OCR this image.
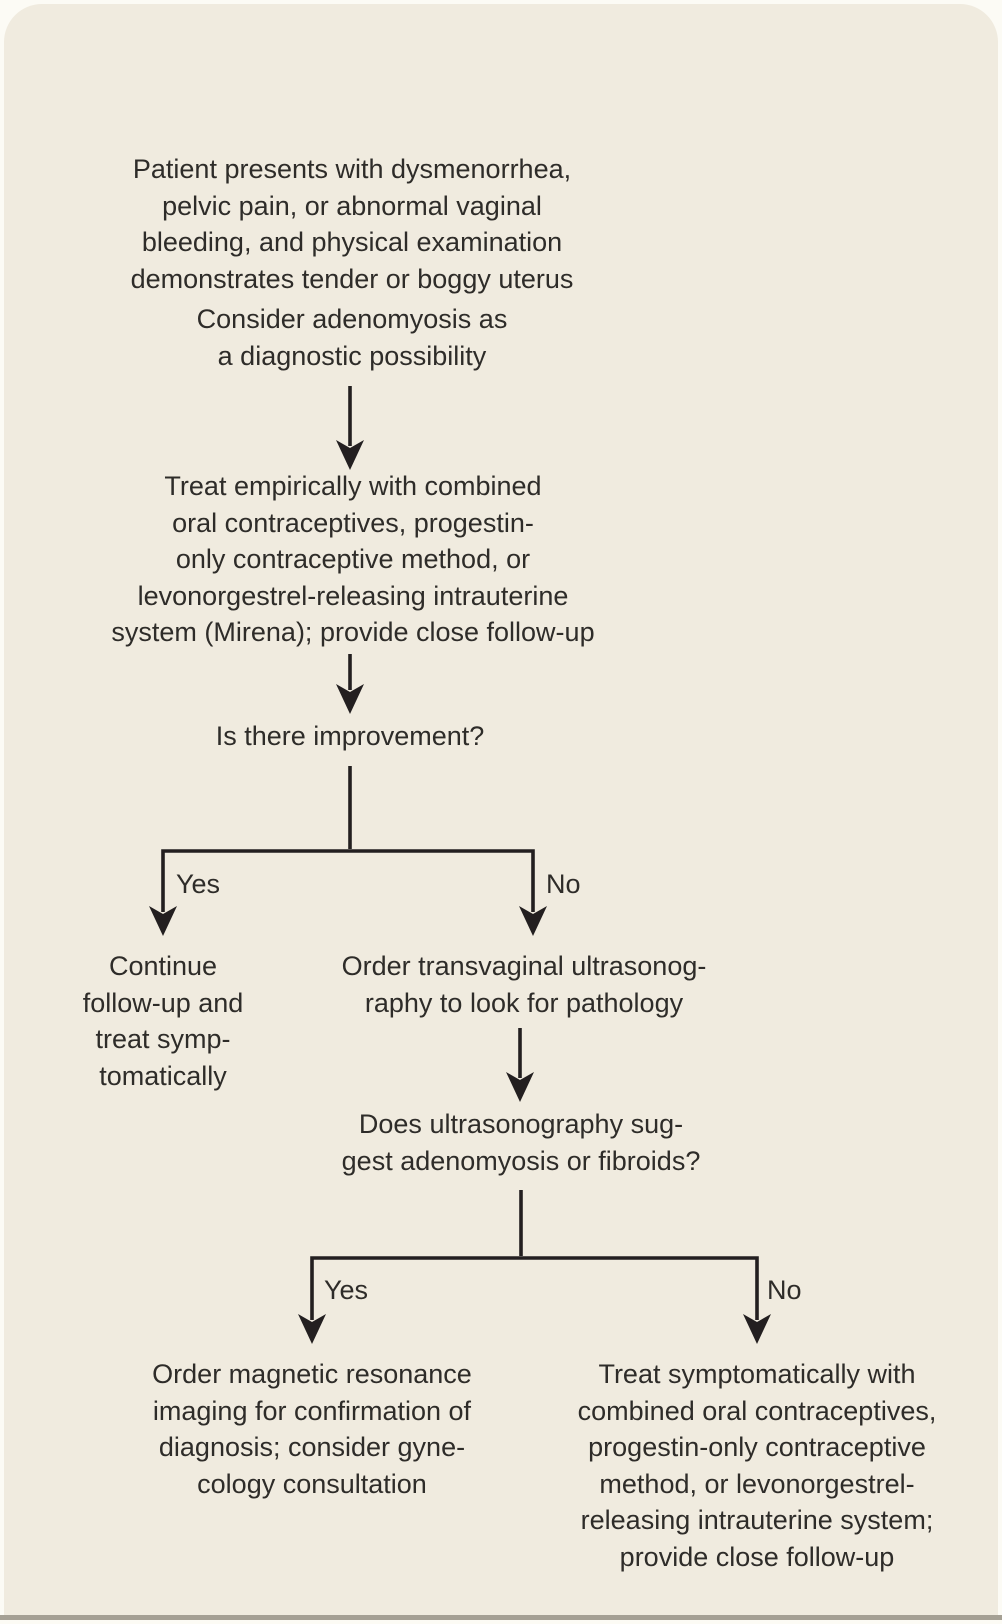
Patient presents with dysmenorrhea,
pelvic pain, or abnormal vaginal
bleeding, and physical examination
demonstrates tender or boggy uterus
Consider adenomyosis as
a diagnostic possibility
Treat empirically with combined
oral contraceptives, progestin-
only contraceptive method, or
levonorgestrel-releasing intrauterine
system (Mirena); provide close follow-up
Is there improvement?
Yes	No
Continue
follow-up and
treat symp-
tomatically
Order transvaginal ultrasonog-
raphy to look for pathology
Does ultrasonography sug-
gest adenomyosis or fibroids?
Yes	No
Order magnetic resonance
imaging for confirmation of
diagnosis; consider gyne-
cology consultation
Treat symptomatically with
combined oral contraceptives,
progestin-only contraceptive
method, or levonorgestrel-
releasing intrauterine system;
provide close follow-up
